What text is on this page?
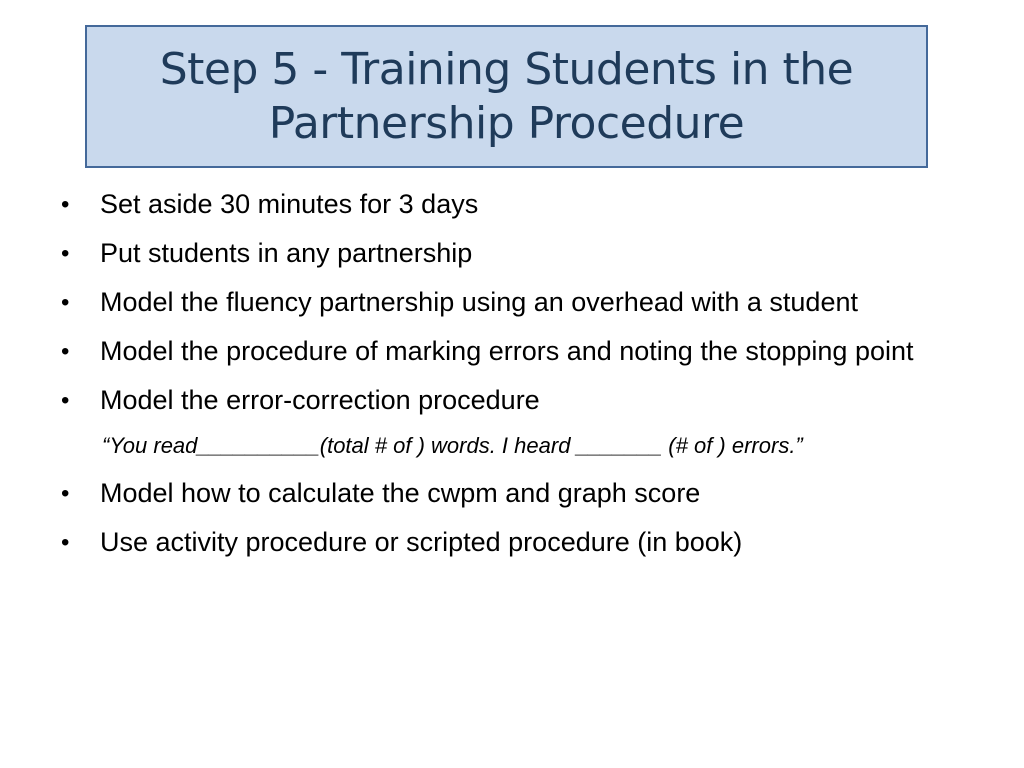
Step 5 - Training Students in the Partnership Procedure
•	Set aside 30 minutes for 3 days
•	Put students in any partnership
•	Model the fluency partnership using an overhead with a student
•	Model the procedure of marking errors and noting the stopping point
•	Model the error-correction procedure
“You read__________(total # of ) words. I heard _______ (# of ) errors.”
•	Model how to calculate the cwpm and graph score
•	Use activity procedure or scripted procedure (in book)
